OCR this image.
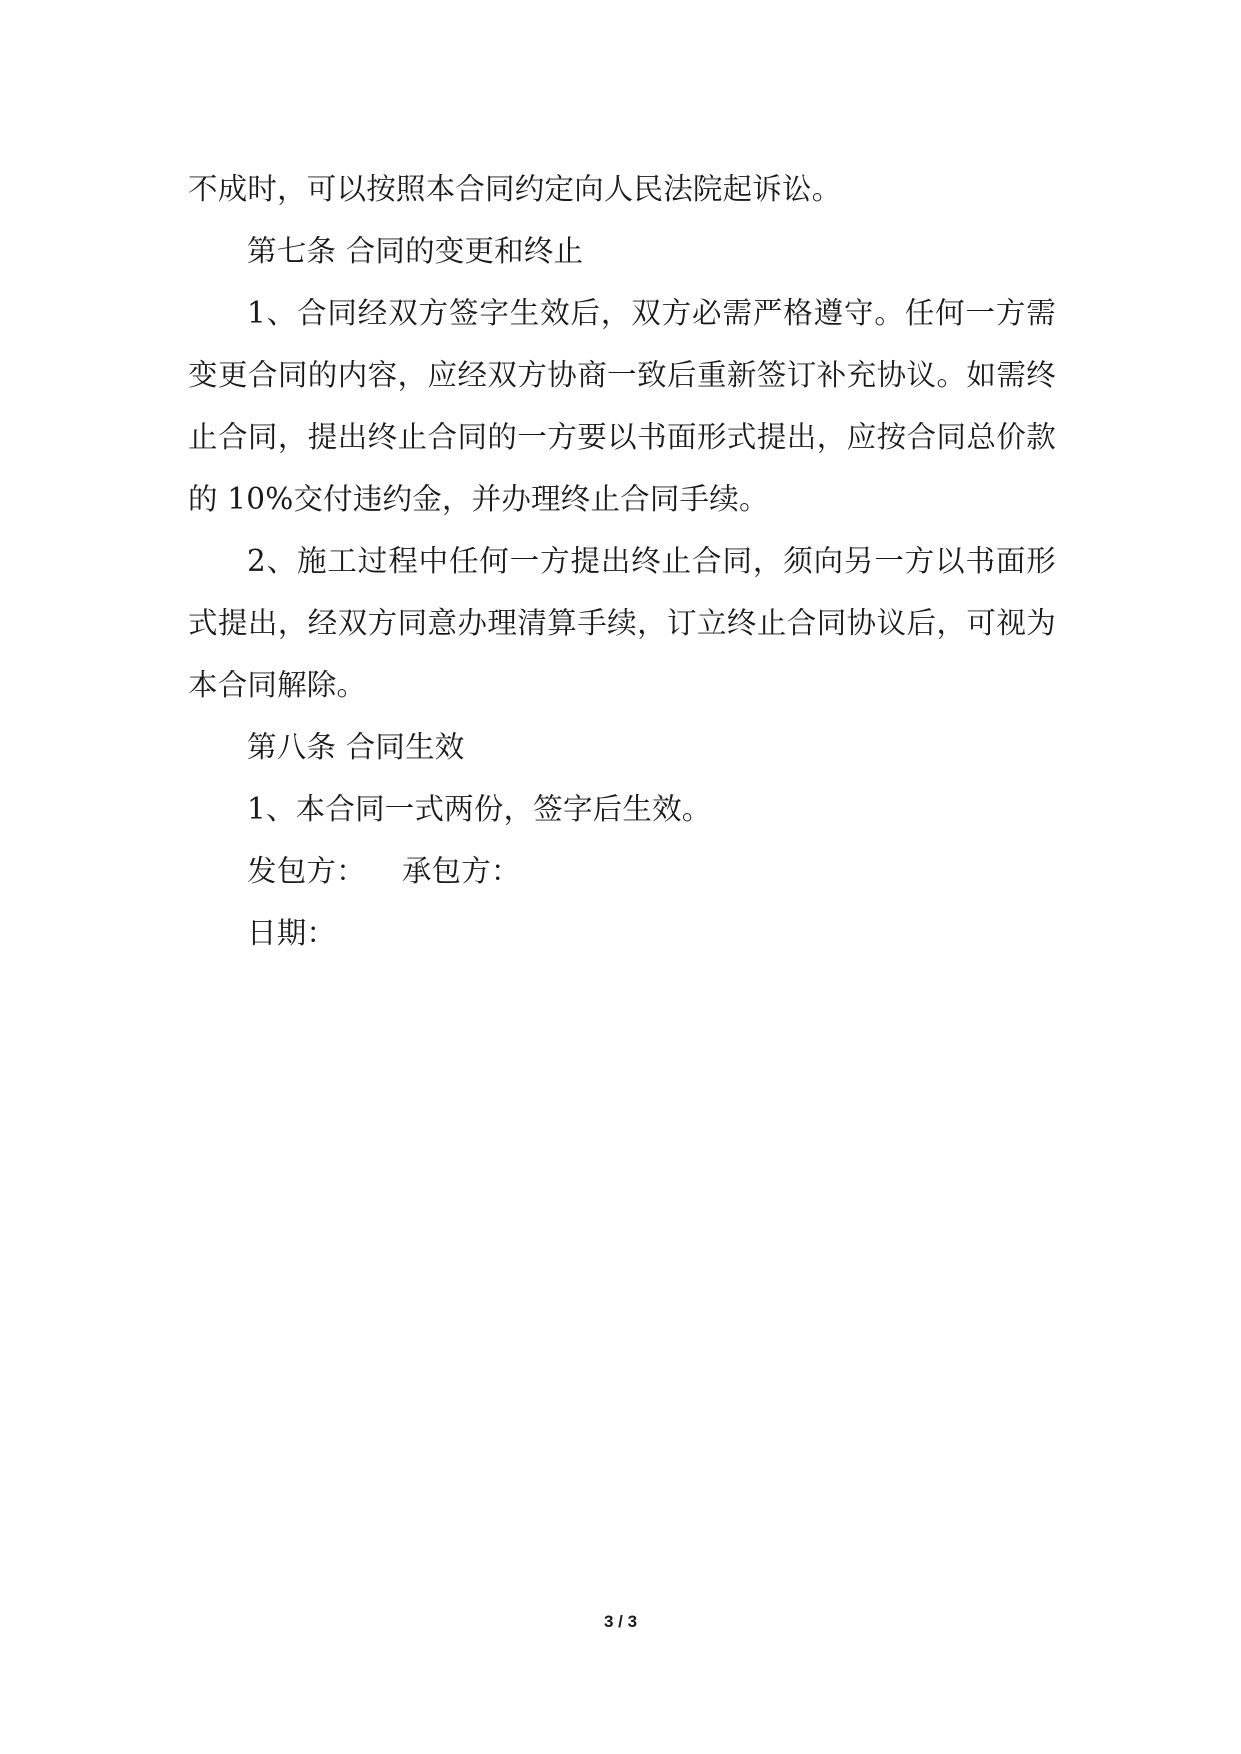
不成时，可以按照本合同约定向人民法院起诉讼。

第七条 合同的变更和终止

1、合同经双方签字生效后，双方必需严格遵守。任何一方需变更合同的内容，应经双方协商一致后重新签订补充协议。如需终止合同，提出终止合同的一方要以书面形式提出，应按合同总价款的 10%交付违约金，并办理终止合同手续。

2、施工过程中任何一方提出终止合同，须向另一方以书面形式提出，经双方同意办理清算手续，订立终止合同协议后，可视为本合同解除。

第八条 合同生效

1、本合同一式两份，签字后生效。

发包方： 承包方：

日期：

3 / 3
